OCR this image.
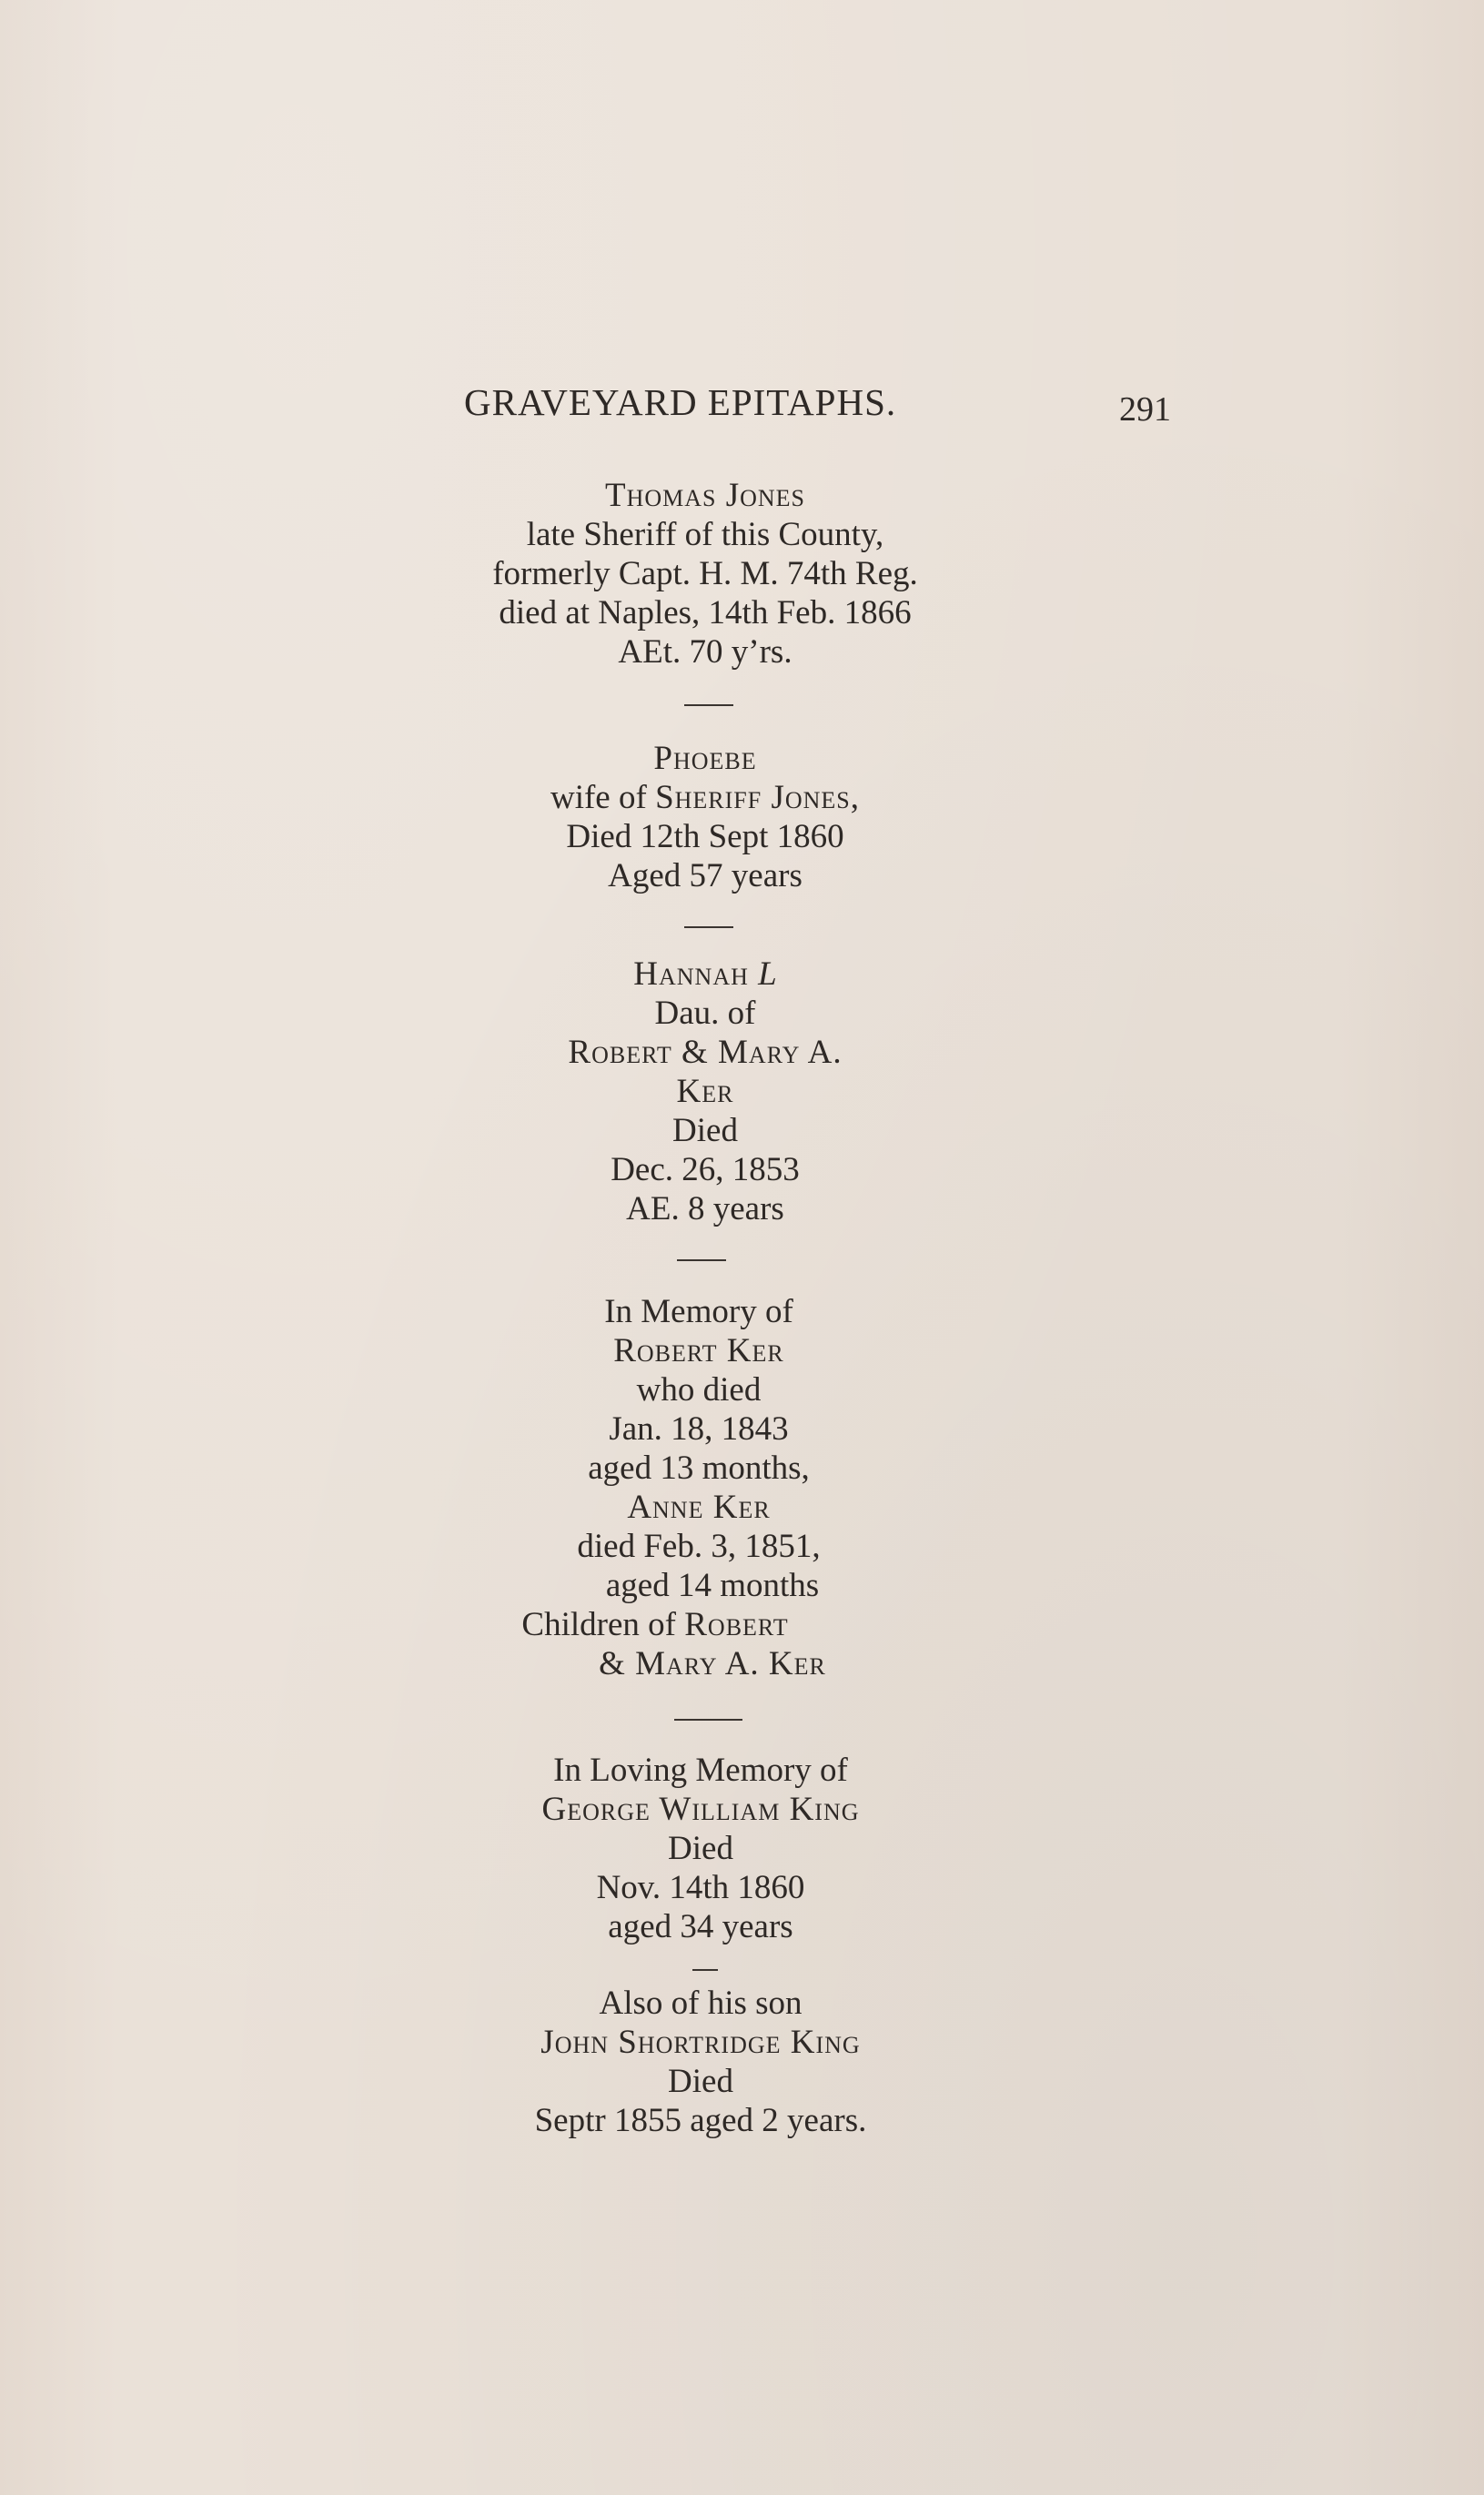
GRAVEYARD EPITAPHS.	291
Thomas Jones
late Sheriff of this County,
formerly Capt. H. M. 74th Reg.
died at Naples, 14th Feb. 1866
AEt. 70 y’rs.
Phoebe
wife of Sheriff Jones,
Died 12th Sept 1860
Aged 57 years
Hannah L
Dau. of
Robert & Mary A.
Ker
Died
Dec. 26, 1853
AE. 8 years
In Memory of
Robert Ker
who died
Jan. 18, 1843
aged 13 months,
Anne Ker
died Feb. 3, 1851,
aged 14 months
Children of Robert
& Mary A. Ker
In Loving Memory of
George William King
Died
Nov. 14th 1860
aged 34 years
Also of his son
John Shortridge King
Died
Septr 1855 aged 2 years.
